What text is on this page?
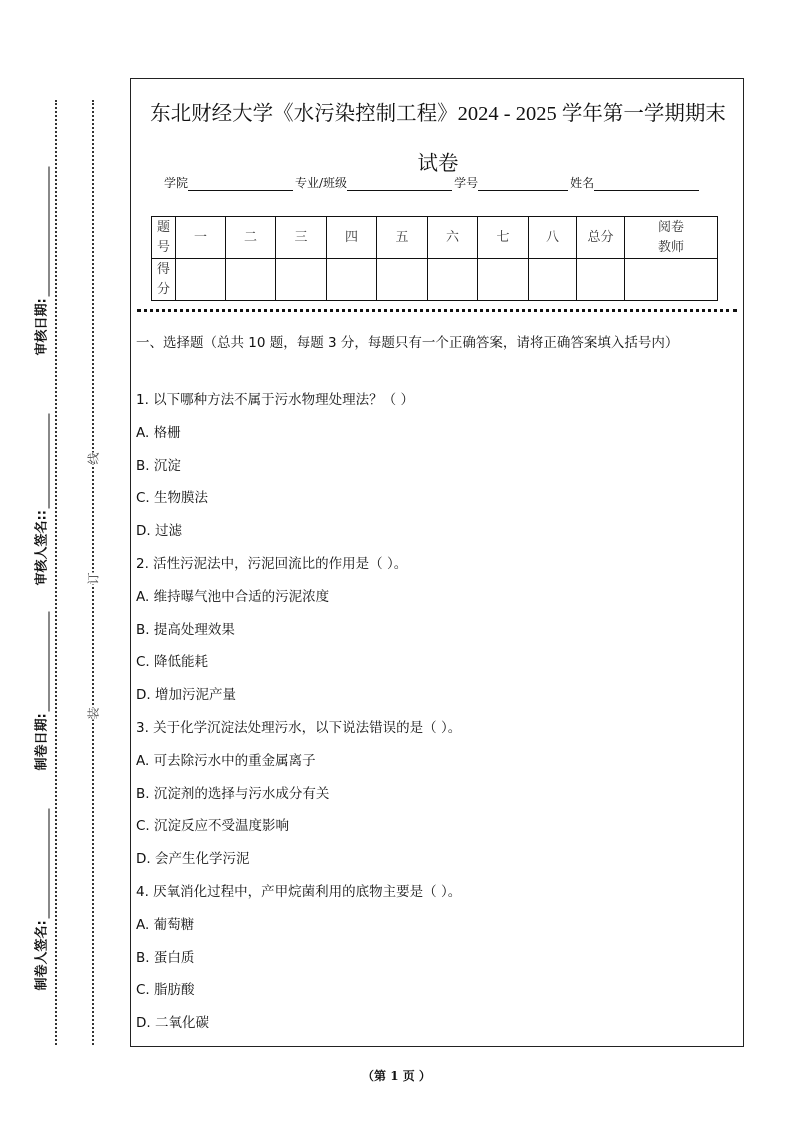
线
订
装
审核日期:
审核人签名::
制卷日期:
制卷人签名:
东北财经大学《水污染控制工程》2024 - 2025 学年第一学期期末
试卷
学院	专业/班级	学号	姓名
题号	一	二	三	四	五	六	七	八	总分	阅卷教师
得分										
一、选择题（总共 10 题，每题 3 分，每题只有一个正确答案，请将正确答案填入括号内）
1. 以下哪种方法不属于污水物理处理法？（ ）
A. 格栅
B. 沉淀
C. 生物膜法
D. 过滤
2. 活性污泥法中，污泥回流比的作用是（ ）。
A. 维持曝气池中合适的污泥浓度
B. 提高处理效果
C. 降低能耗
D. 增加污泥产量
3. 关于化学沉淀法处理污水，以下说法错误的是（ ）。
A. 可去除污水中的重金属离子
B. 沉淀剂的选择与污水成分有关
C. 沉淀反应不受温度影响
D. 会产生化学污泥
4. 厌氧消化过程中，产甲烷菌利用的底物主要是（ ）。
A. 葡萄糖
B. 蛋白质
C. 脂肪酸
D. 二氧化碳
（第 1 页 ）
